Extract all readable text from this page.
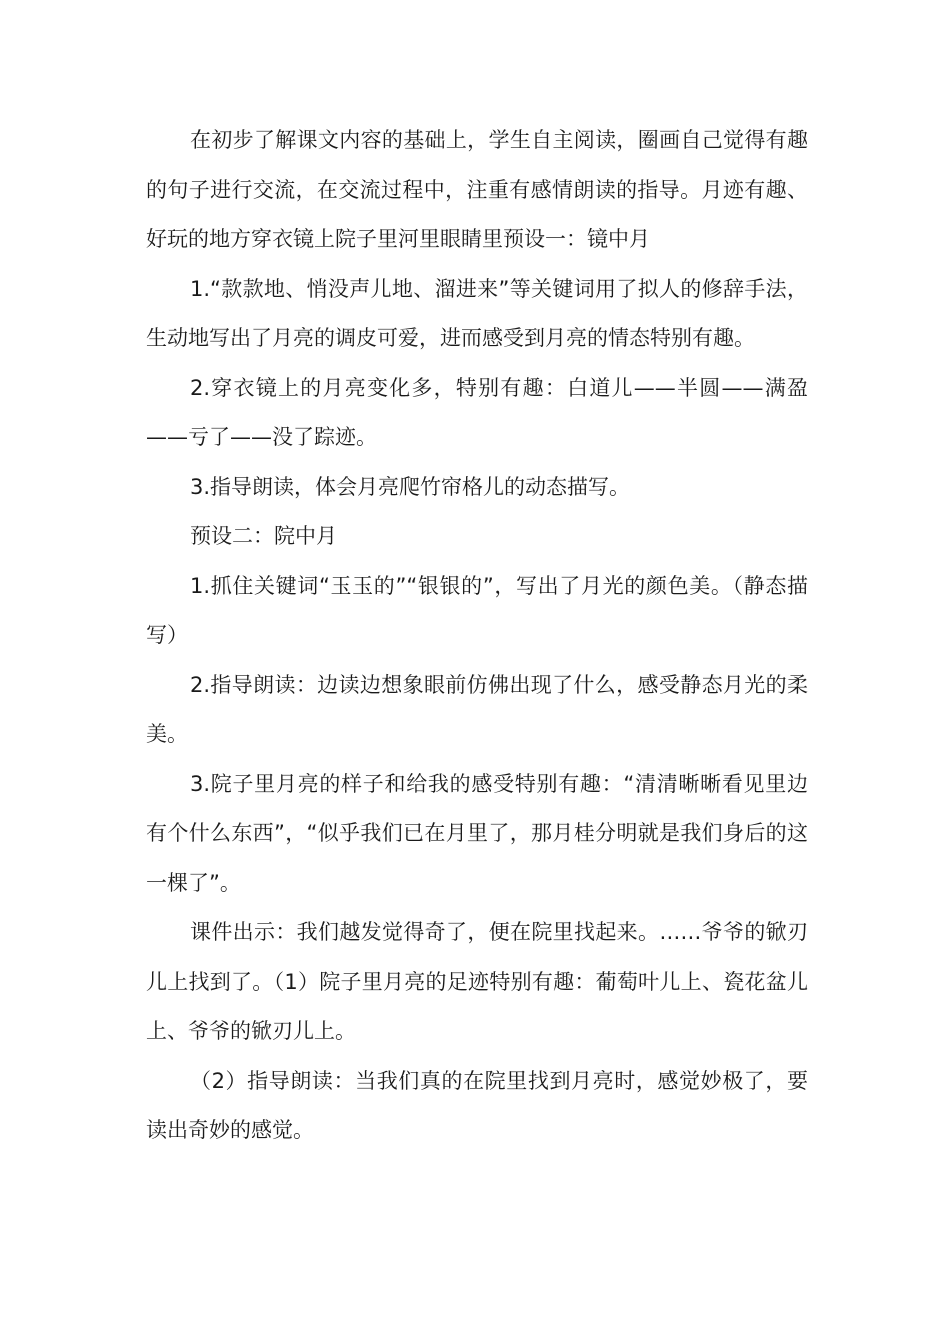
在初步了解课文内容的基础上，学生自主阅读，圈画自己觉得有趣的句子进行交流，在交流过程中，注重有感情朗读的指导。月迹有趣、好玩的地方穿衣镜上院子里河里眼睛里预设一：镜中月

1.“款款地、悄没声儿地、溜进来”等关键词用了拟人的修辞手法，生动地写出了月亮的调皮可爱，进而感受到月亮的情态特别有趣。

2.穿衣镜上的月亮变化多，特别有趣：白道儿——半圆——满盈——亏了——没了踪迹。

3.指导朗读，体会月亮爬竹帘格儿的动态描写。

预设二：院中月

1.抓住关键词“玉玉的”“银银的”，写出了月光的颜色美。（静态描写）

2.指导朗读：边读边想象眼前仿佛出现了什么，感受静态月光的柔美。

3.院子里月亮的样子和给我的感受特别有趣：“清清晰晰看见里边有个什么东西”，“似乎我们已在月里了，那月桂分明就是我们身后的这一棵了”。

课件出示：我们越发觉得奇了，便在院里找起来。……爷爷的锨刃儿上找到了。（1）院子里月亮的足迹特别有趣：葡萄叶儿上、瓷花盆儿上、爷爷的锨刃儿上。

（2）指导朗读：当我们真的在院里找到月亮时，感觉妙极了，要读出奇妙的感觉。
